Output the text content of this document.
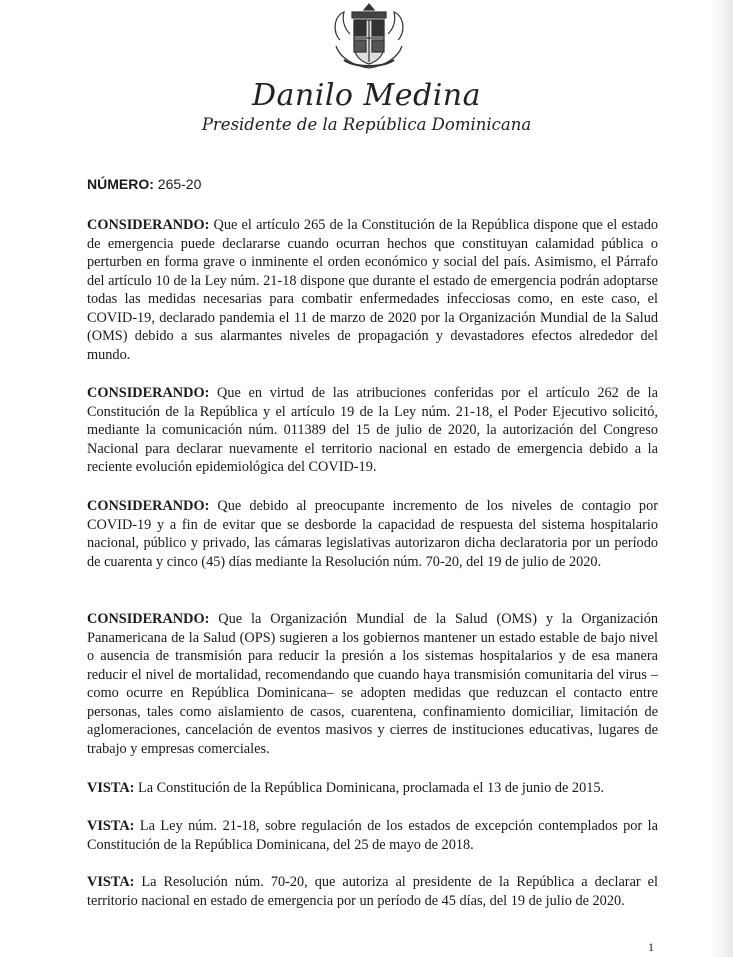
Danilo Medina
Presidente de la República Dominicana
NÚMERO: 265-20
CONSIDERANDO: Que el artículo 265 de la Constitución de la República dispone que el estado de emergencia puede declararse cuando ocurran hechos que constituyan calamidad pública o perturben en forma grave o inminente el orden económico y social del país. Asimismo, el Párrafo del artículo 10 de la Ley núm. 21-18 dispone que durante el estado de emergencia podrán adoptarse todas las medidas necesarias para combatir enfermedades infecciosas como, en este caso, el COVID-19, declarado pandemia el 11 de marzo de 2020 por la Organización Mundial de la Salud (OMS) debido a sus alarmantes niveles de propagación y devastadores efectos alrededor del mundo.
CONSIDERANDO: Que en virtud de las atribuciones conferidas por el artículo 262 de la Constitución de la República y el artículo 19 de la Ley núm. 21-18, el Poder Ejecutivo solicitó, mediante la comunicación núm. 011389 del 15 de julio de 2020, la autorización del Congreso Nacional para declarar nuevamente el territorio nacional en estado de emergencia debido a la reciente evolución epidemiológica del COVID-19.
CONSIDERANDO: Que debido al preocupante incremento de los niveles de contagio por COVID-19 y a fin de evitar que se desborde la capacidad de respuesta del sistema hospitalario nacional, público y privado, las cámaras legislativas autorizaron dicha declaratoria por un período de cuarenta y cinco (45) días mediante la Resolución núm. 70-20, del 19 de julio de 2020.
CONSIDERANDO: Que la Organización Mundial de la Salud (OMS) y la Organización Panamericana de la Salud (OPS) sugieren a los gobiernos mantener un estado estable de bajo nivel o ausencia de transmisión para reducir la presión a los sistemas hospitalarios y de esa manera reducir el nivel de mortalidad, recomendando que cuando haya transmisión comunitaria del virus –como ocurre en República Dominicana– se adopten medidas que reduzcan el contacto entre personas, tales como aislamiento de casos, cuarentena, confinamiento domiciliar, limitación de aglomeraciones, cancelación de eventos masivos y cierres de instituciones educativas, lugares de trabajo y empresas comerciales.
VISTA: La Constitución de la República Dominicana, proclamada el 13 de junio de 2015.
VISTA: La Ley núm. 21-18, sobre regulación de los estados de excepción contemplados por la Constitución de la República Dominicana, del 25 de mayo de 2018.
VISTA: La Resolución núm. 70-20, que autoriza al presidente de la República a declarar el territorio nacional en estado de emergencia por un período de 45 días, del 19 de julio de 2020.
1
